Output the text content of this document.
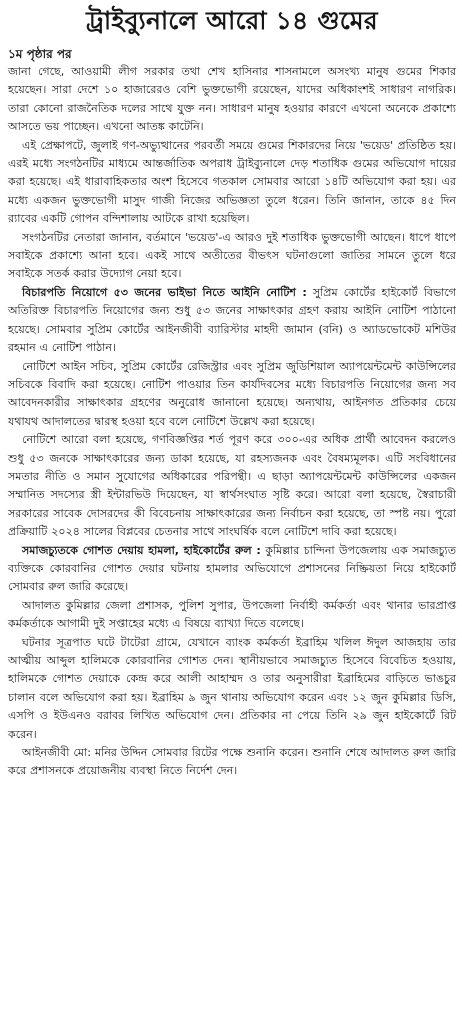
ট্রাইব্যুনালে আরো ১৪ গুমের
১ম পৃষ্ঠার পর

জানা গেছে, আওয়ামী লীগ সরকার তথা শেখ হাসিনার শাসনামলে অসংখ্য মানুষ গুমের শিকার হয়েছেন। সারা দেশে ১০ হাজারেরও বেশি ভুক্তভোগী রয়েছেন, যাদের অধিকাংশই সাধারণ নাগরিক। তারা কোনো রাজনৈতিক দলের সাথে যুক্ত নন। সাধারণ মানুষ হওয়ার কারণে এখনো অনেকে প্রকাশ্যে আসতে ভয় পাচ্ছেন। এখনো আতঙ্ক কাটেনি।

এই প্রেক্ষাপটে, জুলাই গণ-অভ্যুত্থানের পরবর্তী সময়ে গুমের শিকারদের নিয়ে 'ভয়েড' প্রতিষ্ঠিত হয়। এরই মধ্যে সংগঠনটির মাধ্যমে আন্তর্জাতিক অপরাধ ট্রাইব্যুনালে দেড় শতাধিক গুমের অভিযোগ দায়ের করা হয়েছে। এই ধারাবাহিকতার অংশ হিসেবে গতকাল সোমবার আরো ১৪টি অভিযোগ করা হয়। এর মধ্যে একজন ভুক্তভোগী মাসুদ গাজী নিজের অভিজ্ঞতা তুলে ধরেন। তিনি জানান, তাকে ৪৫ দিন র‍্যাবের একটি গোপন বন্দিশালায় আটকে রাখা হয়েছিল।

সংগঠনটির নেতারা জানান, বর্তমানে 'ভয়েড'-এ আরও দুই শতাধিক ভুক্তভোগী আছেন। ধাপে ধাপে সবাইকে প্রকাশ্যে আনা হবে। একই সাথে অতীতের বীভৎস ঘটনাগুলো জাতির সামনে তুলে ধরে সবাইকে সতর্ক করার উদ্যোগ নেয়া হবে।

বিচারপতি নিয়োগে ৫৩ জনের ভাইভা নিতে আইনি নোটিশ : সুপ্রিম কোর্টের হাইকোর্ট বিভাগে অতিরিক্ত বিচারপতি নিয়োগের জন্য শুধু ৫৩ জনের সাক্ষাৎকার গ্রহণ করায় আইনি নোটিশ পাঠানো হয়েছে। সোমবার সুপ্রিম কোর্টের আইনজীবী ব্যারিস্টার মাহদী জামান (বনি) ও অ্যাডভোকেট মশিউর রহমান এ নোটিশ পাঠান।

নোটিশে আইন সচিব, সুপ্রিম কোর্টের রেজিস্ট্রার এবং সুপ্রিম জুডিশিয়াল অ্যাপয়েন্টমেন্ট কাউন্সিলের সচিবকে বিবাদি করা হয়েছে। নোটিশ পাওয়ার তিন কার্যদিবসের মধ্যে বিচারপতি নিয়োগের জন্য সব আবেদনকারীর সাক্ষাৎকার গ্রহণের অনুরোধ জানানো হয়েছে। অন্যথায়, আইনগত প্রতিকার চেয়ে যথাযথ আদালতের দ্বারস্থ হওয়া হবে বলে নোটিশে উল্লেখ করা হয়েছে।

নোটিশে আরো বলা হয়েছে, গণবিজ্ঞপ্তির শর্ত পূরণ করে ৩০০-এর অধিক প্রার্থী আবেদন করলেও শুধু ৫৩ জনকে সাক্ষাৎকারের জন্য ডাকা হয়েছে, যা রহস্যজনক এবং বৈষম্যমূলক। এটি সংবিধানের সমতার নীতি ও সমান সুযোগের অধিকারের পরিপন্থী। এ ছাড়া অ্যাপয়েন্টমেন্ট কাউন্সিলের একজন সম্মানিত সদস্যের স্ত্রী ইন্টারভিউ দিয়েছেন, যা স্বার্থসংঘাত সৃষ্টি করে। আরো বলা হয়েছে, স্বৈরাচারী সরকারের সাবেক দোসরদের কী বিবেচনায় সাক্ষাৎকারের জন্য নির্বাচন করা হয়েছে, তা স্পষ্ট নয়। পুরো প্রক্রিয়াটি ২০২৪ সালের বিপ্লবের চেতনার সাথে সাংঘর্ষিক বলে নোটিশে দাবি করা হয়েছে।

সমাজচ্যুতকে গোশত দেয়ায় হামলা, হাইকোর্টের রুল : কুমিল্লার চান্দিনা উপজেলায় এক সমাজচ্যুত ব্যক্তিকে কোরবানির গোশত দেয়ার ঘটনায় হামলার অভিযোগে প্রশাসনের নিষ্ক্রিয়তা নিয়ে হাইকোর্ট সোমবার রুল জারি করেছে।

আদালত কুমিল্লার জেলা প্রশাসক, পুলিশ সুপার, উপজেলা নির্বাহী কর্মকর্তা এবং থানার ভারপ্রাপ্ত কর্মকর্তাকে আগামী দুই সপ্তাহের মধ্যে এ বিষয়ে ব্যাখ্যা দিতে বলেছে।

ঘটনার সূত্রপাত ঘটে টাটেরা গ্রামে, যেখানে ব্যাংক কর্মকর্তা ইব্রাহিম খলিল ঈদুল আজহায় তার আত্মীয় আব্দুল হালিমকে কোরবানির গোশত দেন। স্থানীয়ভাবে সমাজচ্যুত হিসেবে বিবেচিত হওয়ায়, হালিমকে গোশত দেয়াকে কেন্দ্র করে আলী আহাম্মদ ও তার অনুসারীরা ইব্রাহিমের বাড়িতে ভাঙচুর চালান বলে অভিযোগ করা হয়। ইব্রাহিম ৯ জুন থানায় অভিযোগ করেন এবং ১২ জুন কুমিল্লার ডিসি, এসপি ও ইউএনও বরাবর লিখিত অভিযোগ দেন। প্রতিকার না পেয়ে তিনি ২৯ জুন হাইকোর্টে রিট করেন।

আইনজীবী মো: মনির উদ্দিন সোমবার রিটের পক্ষে শুনানি করেন। শুনানি শেষে আদালত রুল জারি করে প্রশাসনকে প্রয়োজনীয় ব্যবস্থা নিতে নির্দেশ দেন।
